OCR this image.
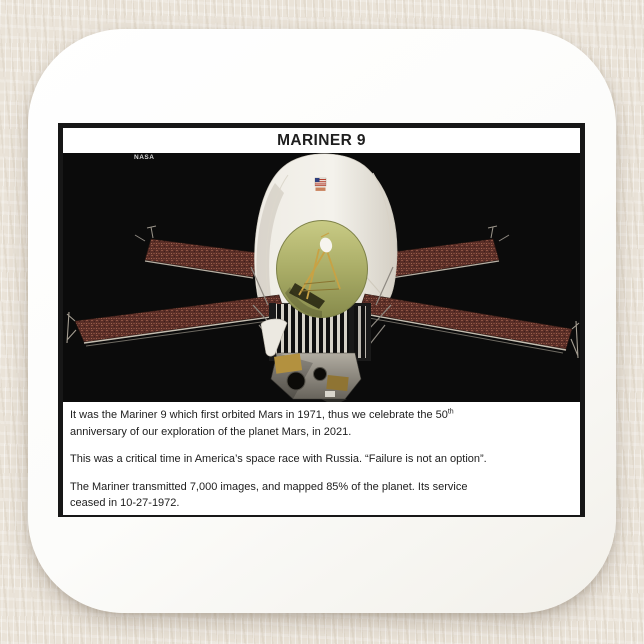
MARINER 9
NASA

It was the Mariner 9 which first orbited Mars in 1971, thus we celebrate the 50th
anniversary of our exploration of the planet Mars, in 2021.

This was a critical time in America’s space race with Russia. “Failure is not an option”.

The Mariner transmitted 7,000 images, and mapped 85% of the planet. Its service
ceased in 10-27-1972.
